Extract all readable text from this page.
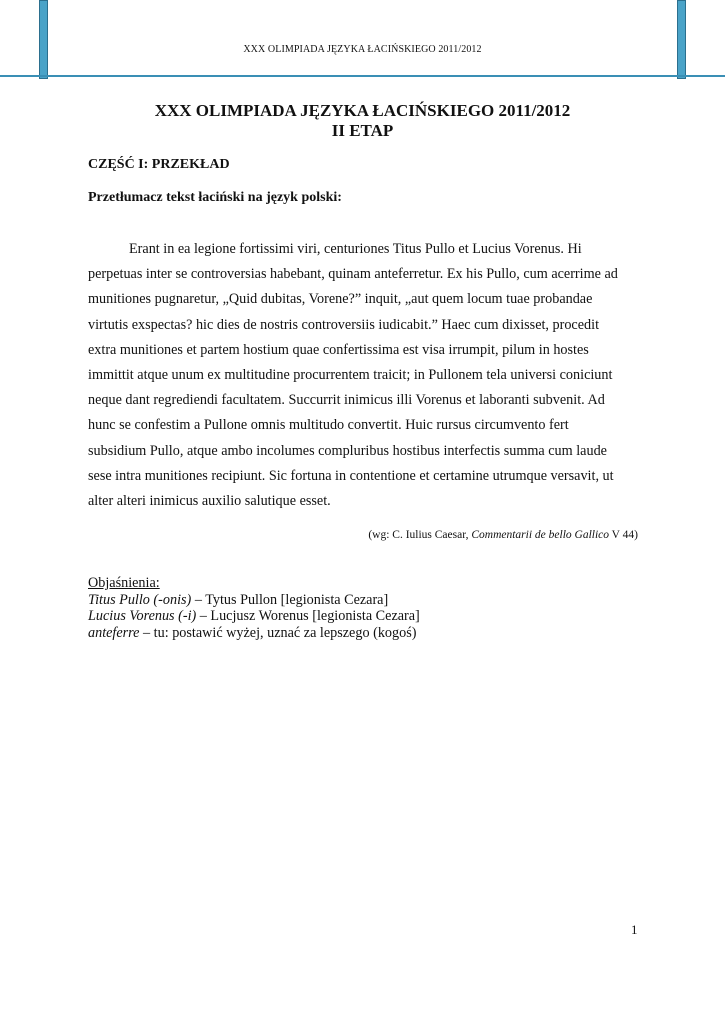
XXX OLIMPIADA JĘZYKA ŁACIŃSKIEGO 2011/2012
XXX OLIMPIADA JĘZYKA ŁACIŃSKIEGO 2011/2012
II ETAP
CZĘŚĆ I: PRZEKŁAD
Przetłumacz tekst łaciński na język polski:
Erant in ea legione fortissimi viri, centuriones Titus Pullo et Lucius Vorenus. Hi
perpetuas inter se controversias habebant, quinam anteferretur. Ex his Pullo, cum acerrime ad
munitiones pugnaretur, „Quid dubitas, Vorene?” inquit, „aut quem locum tuae probandae
virtutis exspectas? hic dies de nostris controversiis iudicabit.” Haec cum dixisset, procedit
extra munitiones et partem hostium quae confertissima est visa irrumpit, pilum in hostes
immittit atque unum ex multitudine procurrentem traicit; in Pullonem tela universi coniciunt
neque dant regrediendi facultatem. Succurrit inimicus illi Vorenus et laboranti subvenit. Ad
hunc se confestim a Pullone omnis multitudo convertit. Huic rursus circumvento fert
subsidium Pullo, atque ambo incolumes compluribus hostibus interfectis summa cum laude
sese intra munitiones recipiunt. Sic fortuna in contentione et certamine utrumque versavit, ut
alter alteri inimicus auxilio salutique esset.
(wg: C. Iulius Caesar, Commentarii de bello Gallico V 44)
Objaśnienia:
Titus Pullo (-onis) – Tytus Pullon [legionista Cezara]
Lucius Vorenus (-i) – Lucjusz Worenus [legionista Cezara]
anteferre – tu: postawić wyżej, uznać za lepszego (kogoś)
1
